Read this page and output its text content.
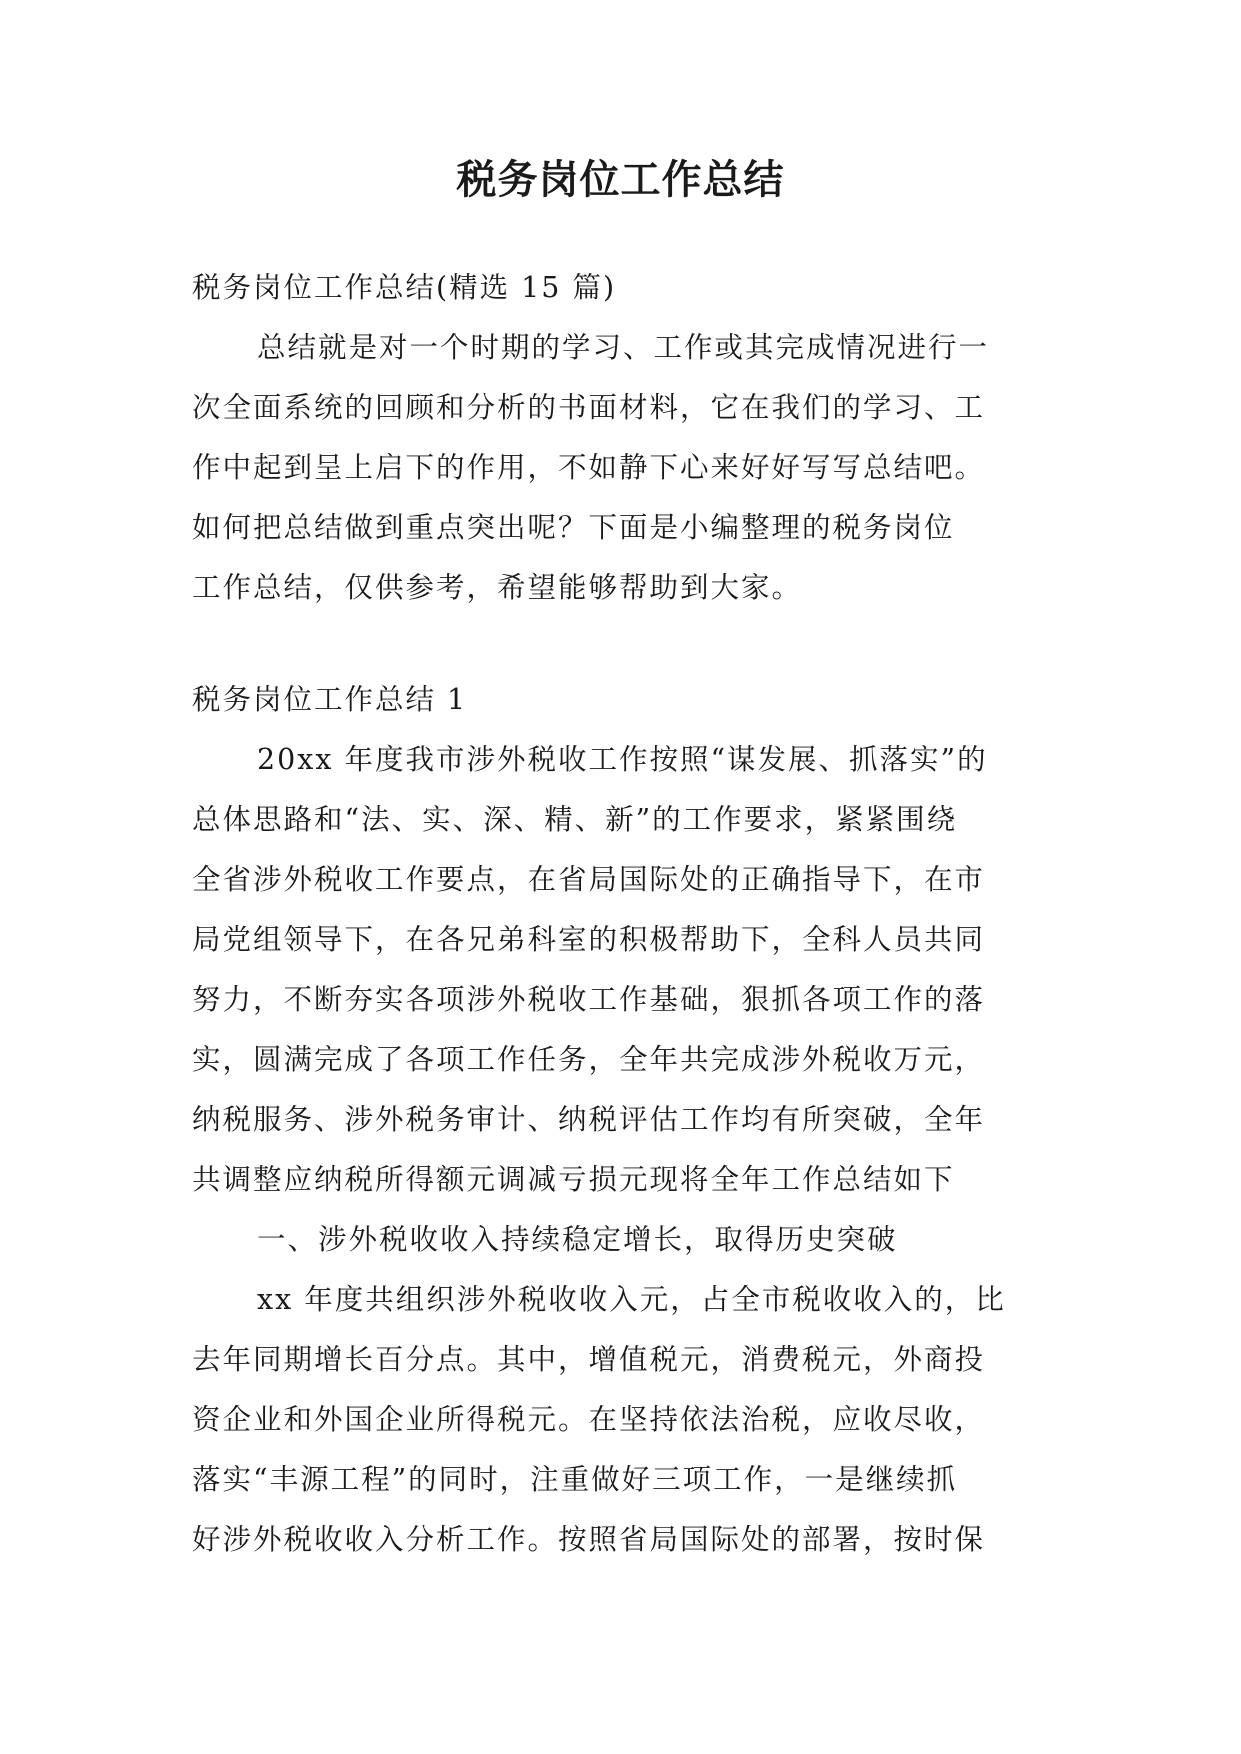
税务岗位工作总结
税务岗位工作总结(精选 15 篇)
总结就是对一个时期的学习、工作或其完成情况进行一
次全面系统的回顾和分析的书面材料，它在我们的学习、工
作中起到呈上启下的作用，不如静下心来好好写写总结吧。
如何把总结做到重点突出呢？下面是小编整理的税务岗位
工作总结，仅供参考，希望能够帮助到大家。
税务岗位工作总结 1
20xx 年度我市涉外税收工作按照“谋发展、抓落实”的
总体思路和“法、实、深、精、新”的工作要求，紧紧围绕
全省涉外税收工作要点，在省局国际处的正确指导下，在市
局党组领导下，在各兄弟科室的积极帮助下，全科人员共同
努力，不断夯实各项涉外税收工作基础，狠抓各项工作的落
实，圆满完成了各项工作任务，全年共完成涉外税收万元，
纳税服务、涉外税务审计、纳税评估工作均有所突破，全年
共调整应纳税所得额元调减亏损元现将全年工作总结如下
一、涉外税收收入持续稳定增长，取得历史突破
xx 年度共组织涉外税收收入元，占全市税收收入的，比
去年同期增长百分点。其中，增值税元，消费税元，外商投
资企业和外国企业所得税元。在坚持依法治税，应收尽收，
落实“丰源工程”的同时，注重做好三项工作，一是继续抓
好涉外税收收入分析工作。按照省局国际处的部署，按时保
